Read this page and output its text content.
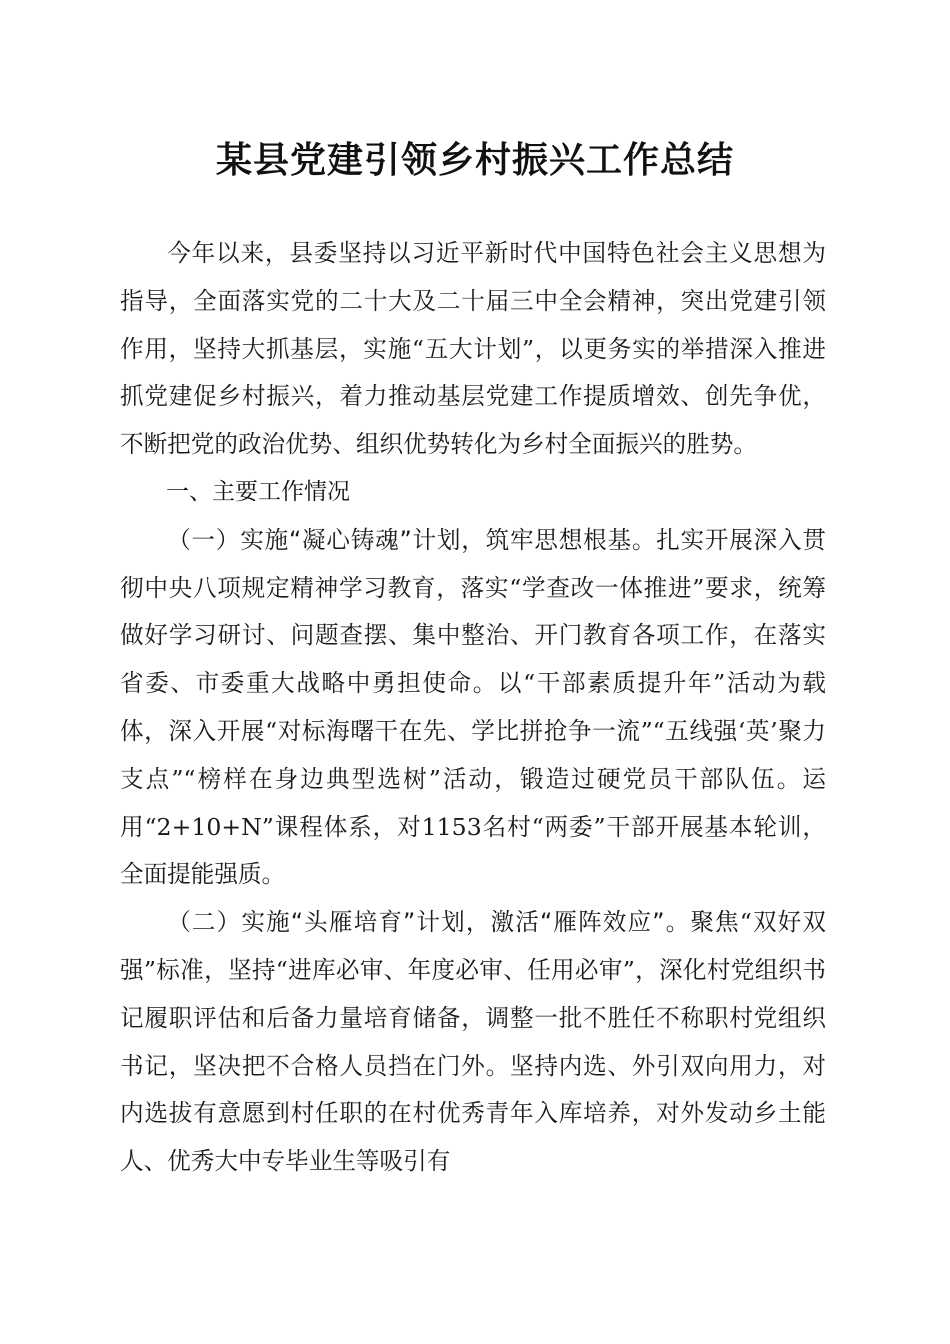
某县党建引领乡村振兴工作总结

今年以来，县委坚持以习近平新时代中国特色社会主义思想为指导，全面落实党的二十大及二十届三中全会精神，突出党建引领作用，坚持大抓基层，实施“五大计划”，以更务实的举措深入推进抓党建促乡村振兴，着力推动基层党建工作提质增效、创先争优，不断把党的政治优势、组织优势转化为乡村全面振兴的胜势。

一、主要工作情况

（一）实施“凝心铸魂”计划，筑牢思想根基。扎实开展深入贯彻中央八项规定精神学习教育，落实“学查改一体推进”要求，统筹做好学习研讨、问题查摆、集中整治、开门教育各项工作，在落实省委、市委重大战略中勇担使命。以“干部素质提升年”活动为载体，深入开展“对标海曙干在先、学比拼抢争一流”“五线强‘英’聚力支点”“榜样在身边典型选树”活动，锻造过硬党员干部队伍。运用“2+10+N”课程体系，对1153名村“两委”干部开展基本轮训，全面提能强质。

（二）实施“头雁培育”计划，激活“雁阵效应”。聚焦“双好双强”标准，坚持“进库必审、年度必审、任用必审”，深化村党组织书记履职评估和后备力量培育储备，调整一批不胜任不称职村党组织书记，坚决把不合格人员挡在门外。坚持内选、外引双向用力，对内选拔有意愿到村任职的在村优秀青年入库培养，对外发动乡土能人、优秀大中专毕业生等吸引有
